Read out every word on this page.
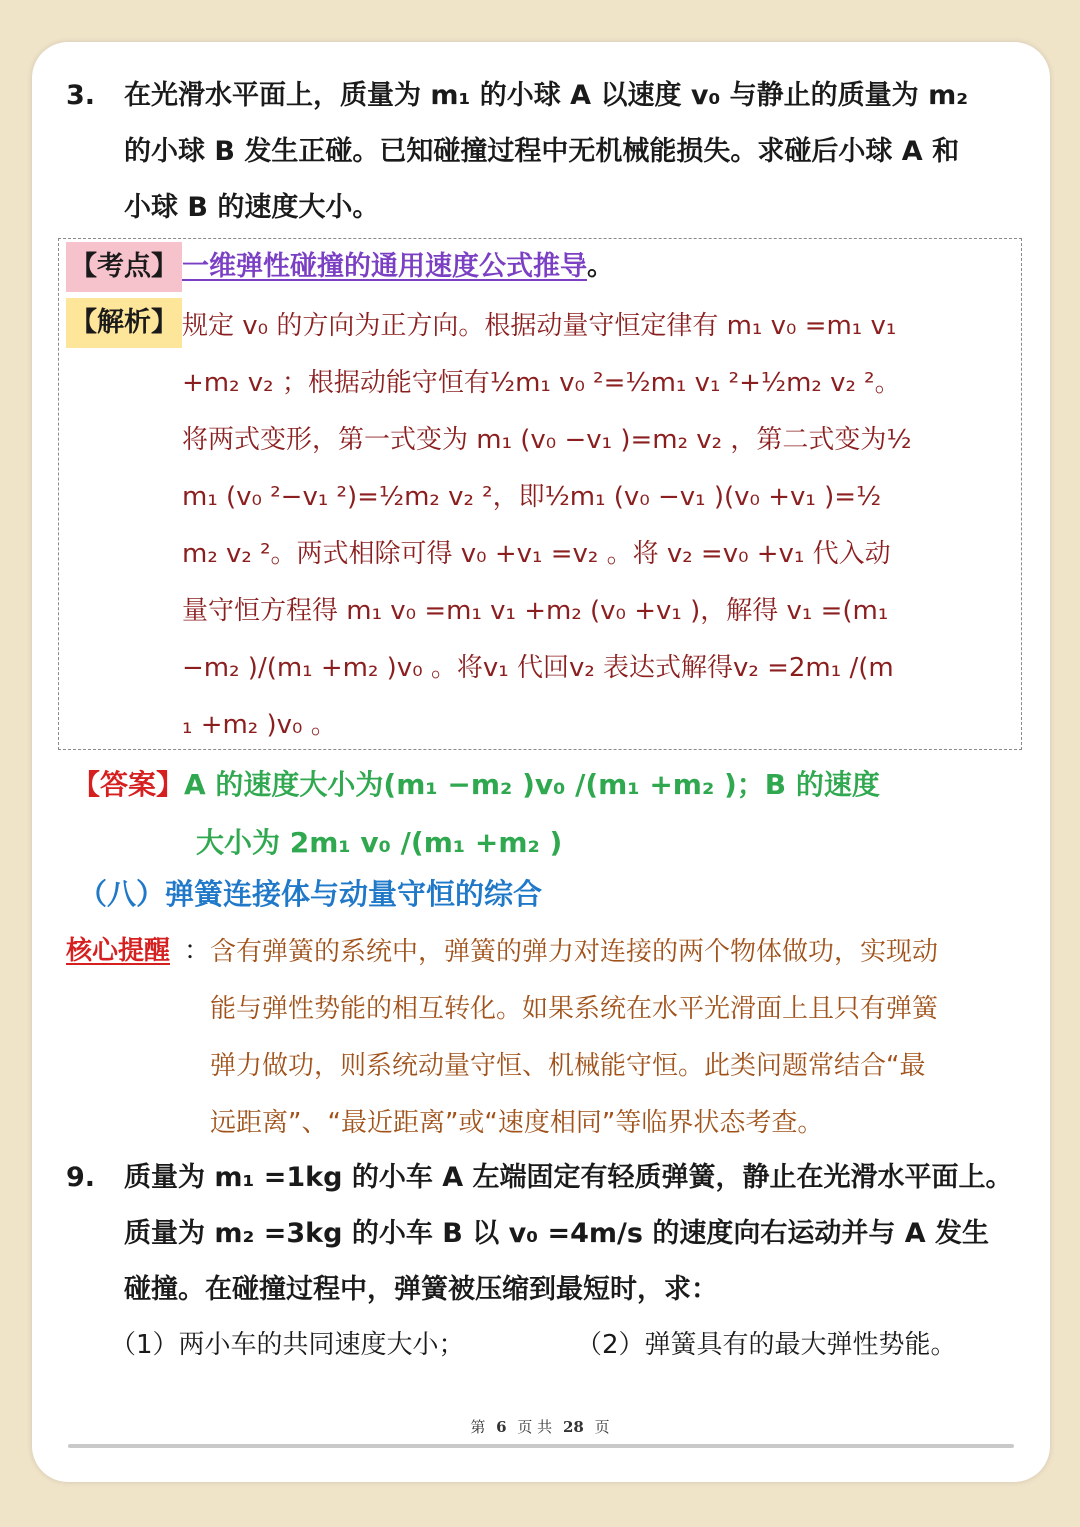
3. 在光滑水平面上，质量为 m₁ 的小球 A 以速度 v₀ 与静止的质量为 m₂
的小球 B 发生正碰。已知碰撞过程中无机械能损失。求碰后小球 A 和
小球 B 的速度大小。
【考点】 一维弹性碰撞的通用速度公式推导。
【解析】 规定 v₀ 的方向为正方向。根据动量守恒定律有 m₁ v₀ =m₁ v₁
+m₂ v₂ ；根据动能守恒有½m₁ v₀ ²=½m₁ v₁ ²+½m₂ v₂ ²。
将两式变形，第一式变为 m₁ (v₀ −v₁ )=m₂ v₂ ，第二式变为½
m₁ (v₀ ²−v₁ ²)=½m₂ v₂ ²，即½m₁ (v₀ −v₁ )(v₀ +v₁ )=½
m₂ v₂ ²。两式相除可得 v₀ +v₁ =v₂ 。将 v₂ =v₀ +v₁ 代入动
量守恒方程得 m₁ v₀ =m₁ v₁ +m₂ (v₀ +v₁ )，解得 v₁ =(m₁
−m₂ )/(m₁ +m₂ )v₀ 。将v₁ 代回v₂ 表达式解得v₂ =2m₁ /(m
₁ +m₂ )v₀ 。
【答案】A 的速度大小为(m₁ −m₂ )v₀ /(m₁ +m₂ )；B 的速度
大小为 2m₁ v₀ /(m₁ +m₂ )
（八）弹簧连接体与动量守恒的综合
核心提醒 ： 含有弹簧的系统中，弹簧的弹力对连接的两个物体做功，实现动
能与弹性势能的相互转化。如果系统在水平光滑面上且只有弹簧
弹力做功，则系统动量守恒、机械能守恒。此类问题常结合“最
远距离”、“最近距离”或“速度相同”等临界状态考查。
9. 质量为 m₁ =1kg 的小车 A 左端固定有轻质弹簧，静止在光滑水平面上。
质量为 m₂ =3kg 的小车 B 以 v₀ =4m/s 的速度向右运动并与 A 发生
碰撞。在碰撞过程中，弹簧被压缩到最短时，求：
（1）两小车的共同速度大小；	（2）弹簧具有的最大弹性势能。
第 6 页 共 28 页
